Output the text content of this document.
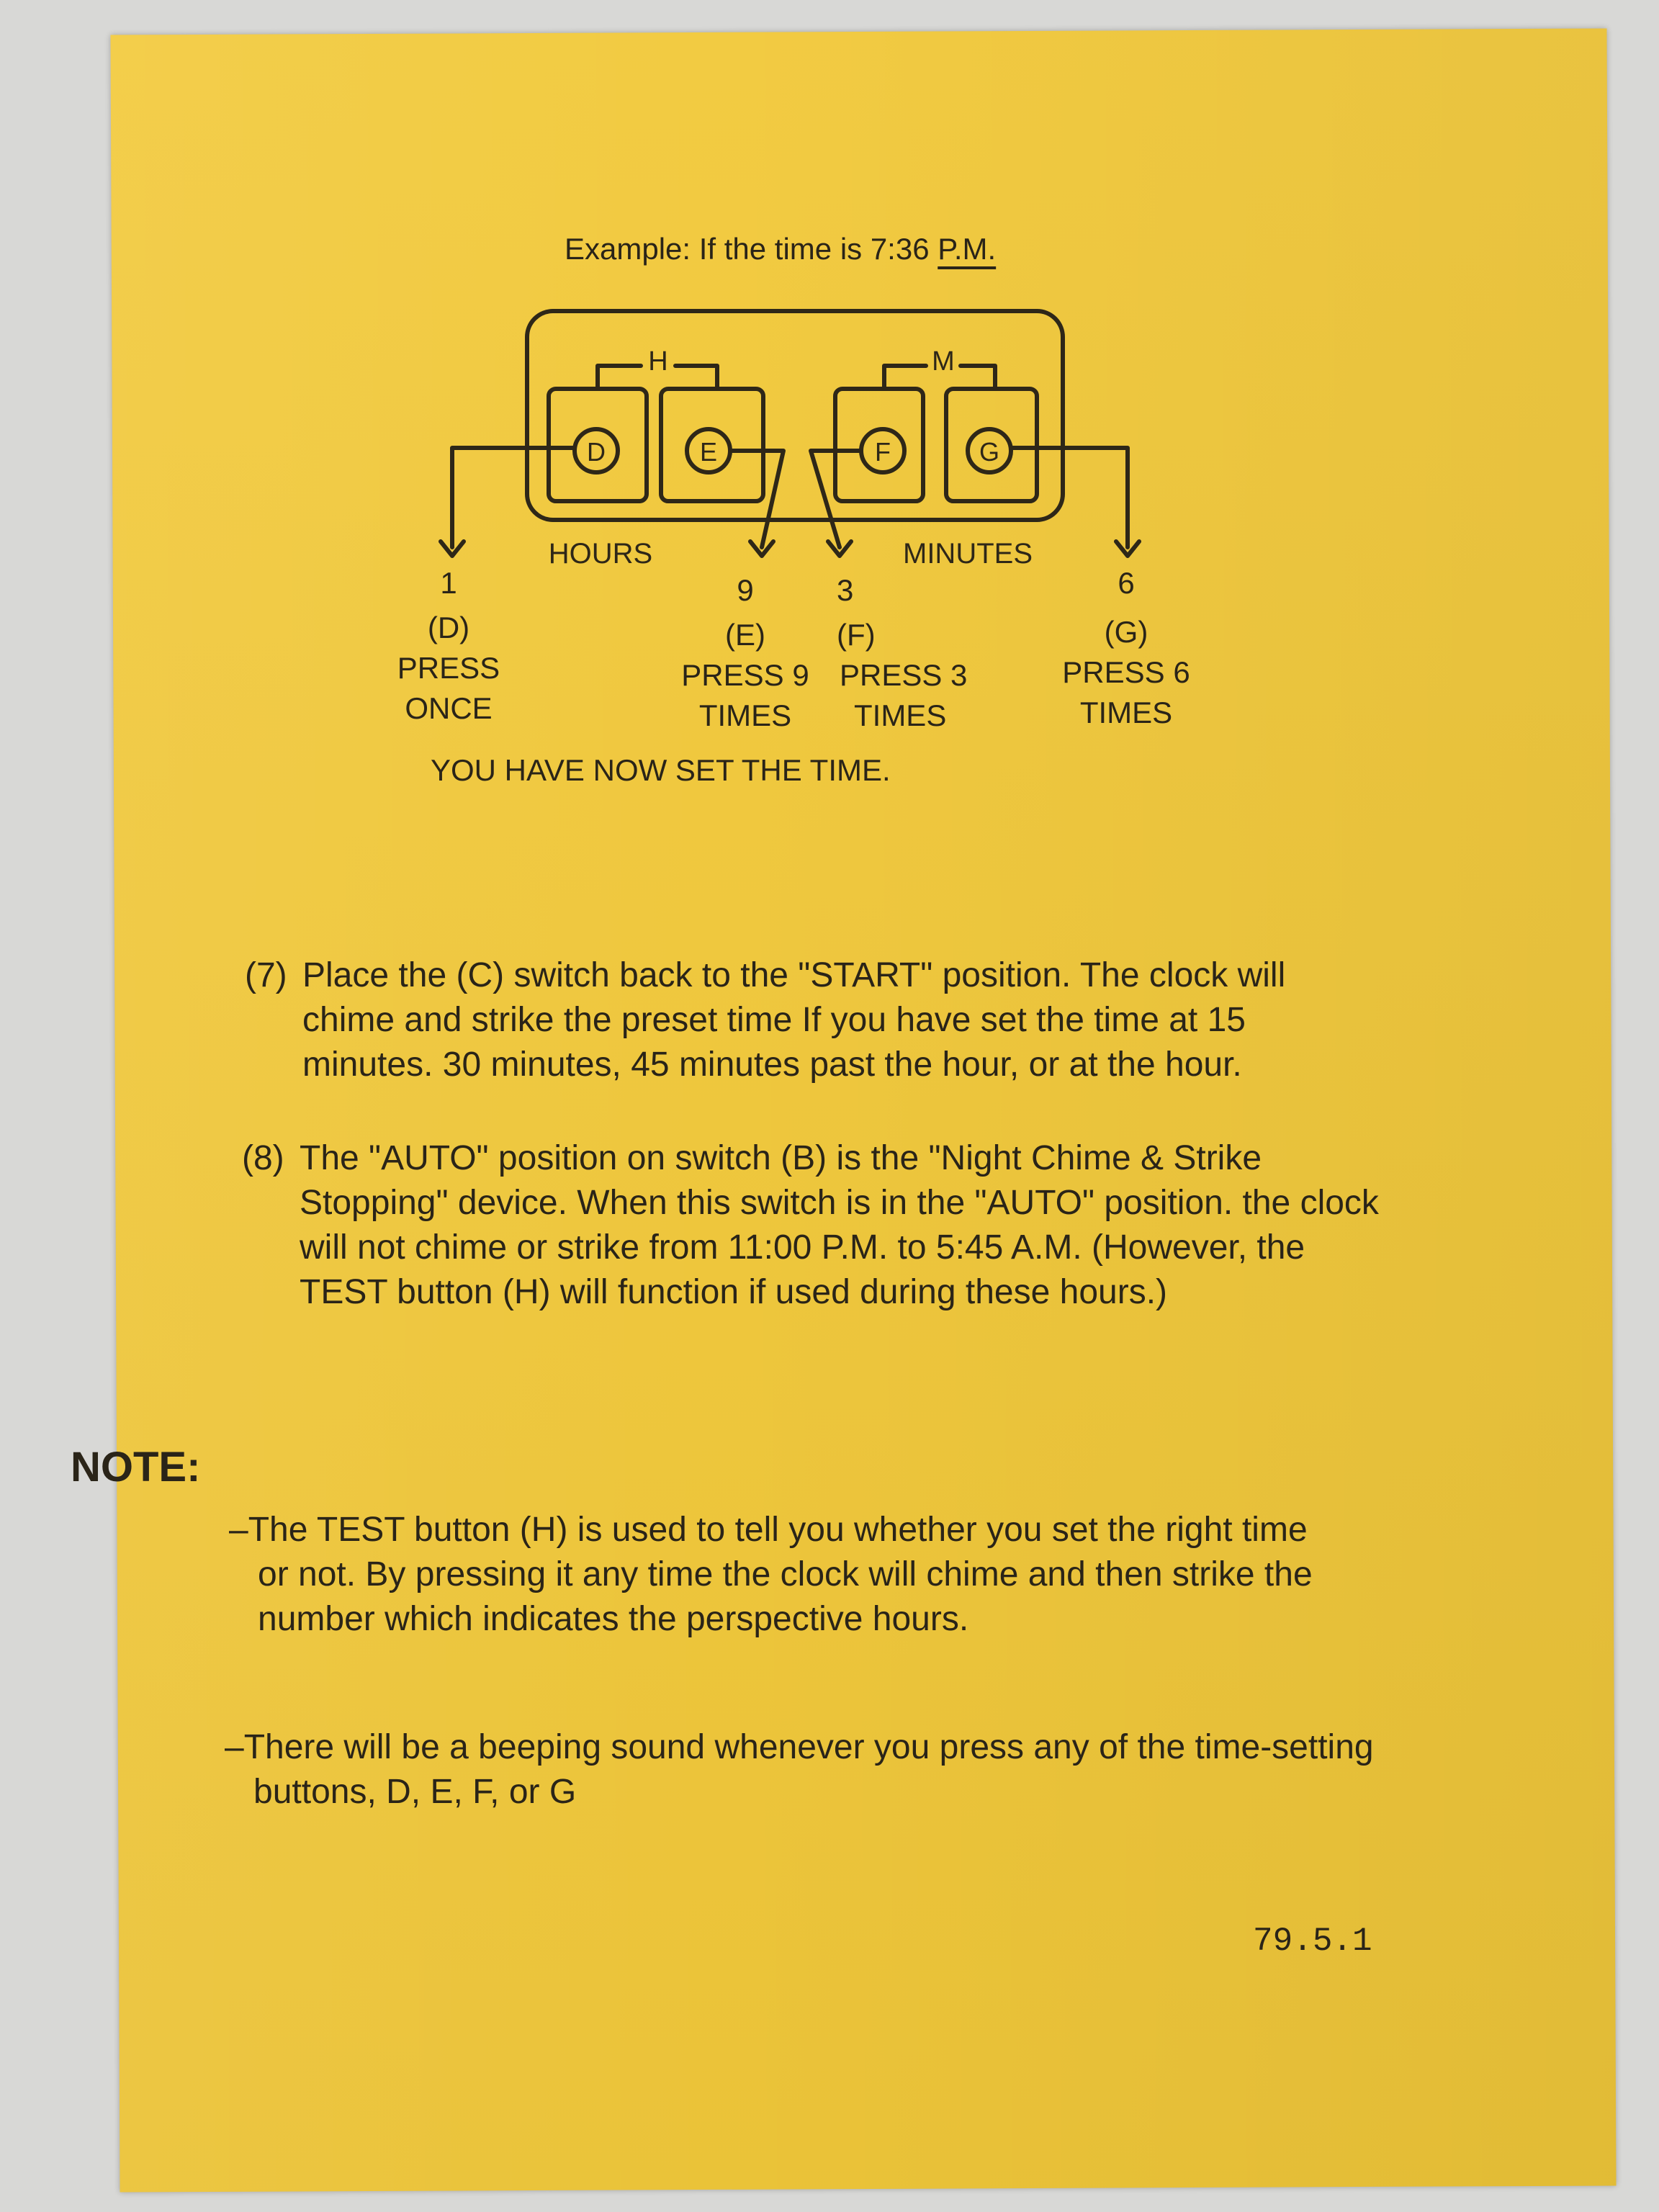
Example: If the time is 7:36 P.M.
H	M
D	E	F	G
HOURS	MINUTES
1
(D)
PRESS
ONCE
9
(E)
PRESS 9
TIMES
3
(F)
PRESS 3
TIMES
6
(G)
PRESS 6
TIMES
YOU HAVE NOW SET THE TIME.
(7) Place the (C) switch back to the "START" position. The clock will chime and strike the preset time If you have set the time at 15 minutes. 30 minutes, 45 minutes past the hour, or at the hour.
(8) The "AUTO" position on switch (B) is the "Night Chime & Strike Stopping" device. When this switch is in the "AUTO" position. the clock will not chime or strike from 11:00 P.M. to 5:45 A.M. (However, the TEST button (H) will function if used during these hours.)
NOTE:
–The TEST button (H) is used to tell you whether you set the right time or not. By pressing it any time the clock will chime and then strike the number which indicates the perspective hours.
–There will be a beeping sound whenever you press any of the time-setting buttons, D, E, F, or G
79.5.1
